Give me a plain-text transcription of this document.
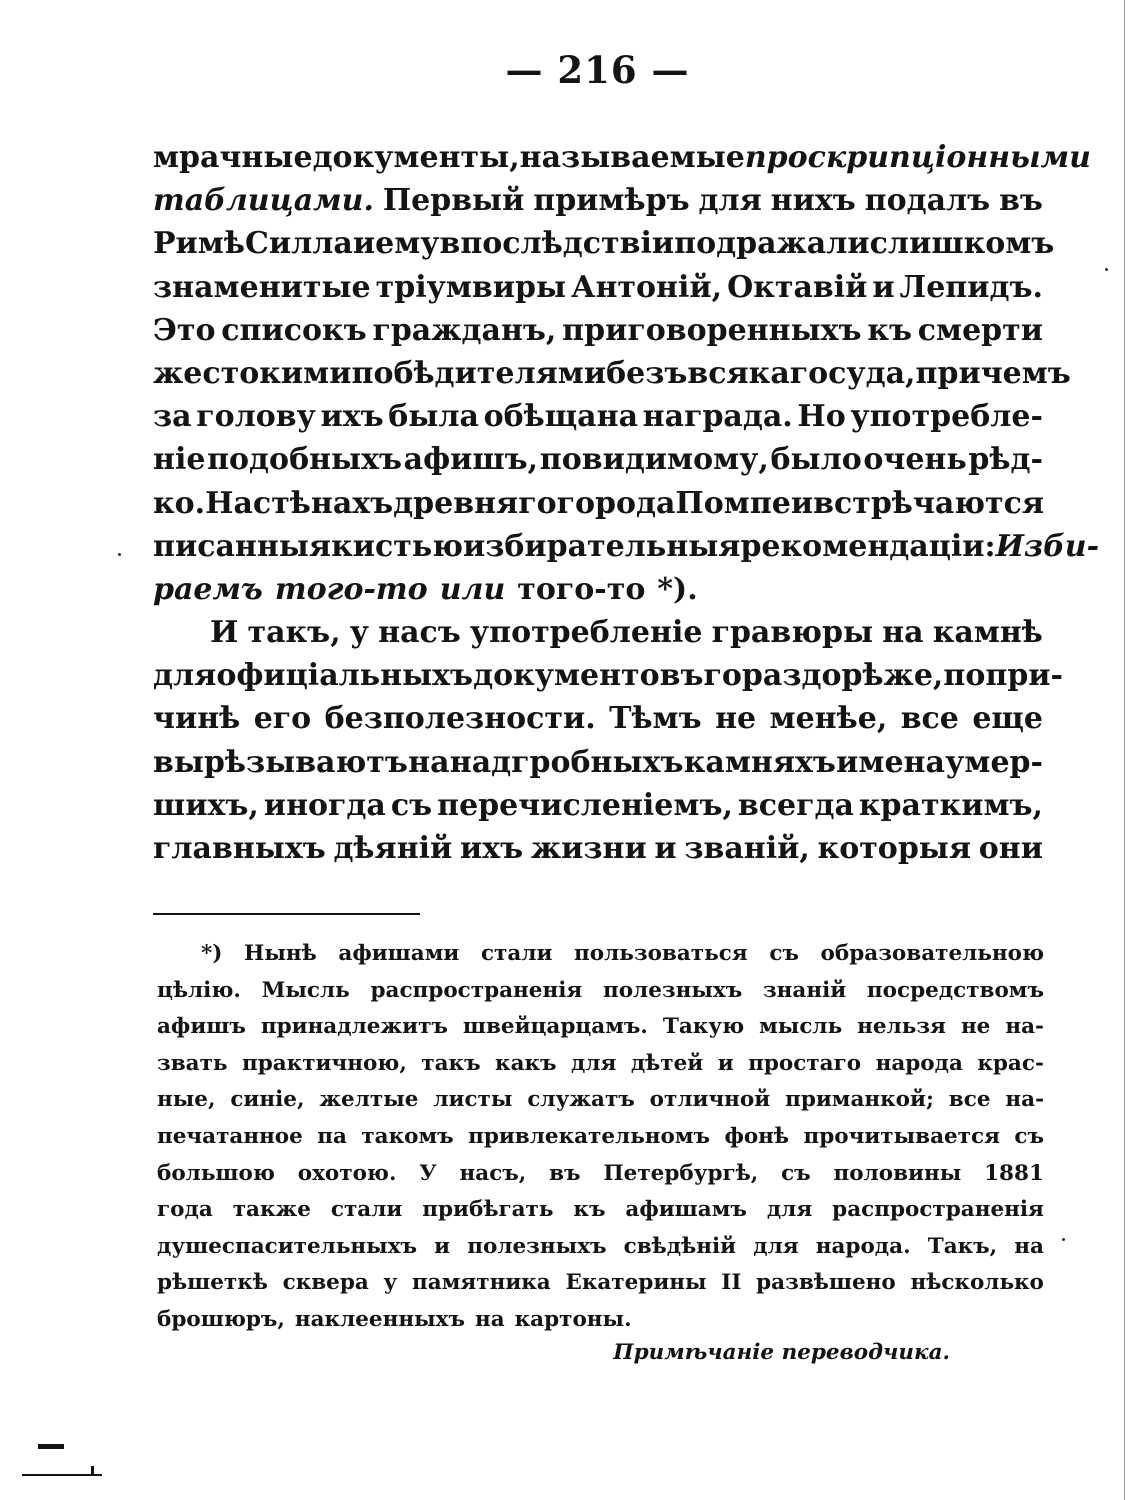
— 216 —
мрачные документы, называемые проскрипцiонными
таблицами. Первый примѣръ для нихъ подалъ въ
Римѣ Силла и ему впослѣдствiи подражали слишкомъ
знаменитые трiумвиры Антонiй, Октавiй и Лепидъ.
Это списокъ гражданъ, приговоренныхъ къ смерти
жестокими побѣдителями безъ всякаго суда, причемъ
за голову ихъ была обѣщана награда. Но употребле-
нiе подобныхъ афишъ, повидимому, было очень рѣд-
ко. На стѣнахъ древняго города Помпеи встрѣчаются
писанныя кистью избирательныя рекомендацiи: Изби-
раемъ того-то или того-то *).
И такъ, у насъ употребленiе гравюры на камнѣ
для офицiальныхъ документовъ гораздо рѣже, по при-
чинѣ его безполезности. Тѣмъ не менѣе, все еще
вырѣзываютъ на надгробныхъ камняхъ имена умер-
шихъ, иногда съ перечисленiемъ, всегда краткимъ,
главныхъ дѣянiй ихъ жизни и званiй, которыя они
*) Нынѣ афишами стали пользоваться съ образовательною
цѣлiю. Мысль распространенiя полезныхъ знанiй посредствомъ
афишъ принадлежитъ швейцарцамъ. Такую мысль нельзя не на-
звать практичною, такъ какъ для дѣтей и простаго народа крас-
ные, синiе, желтые листы служатъ отличной приманкой; все на-
печатанное па такомъ привлекательномъ фонѣ прочитывается съ
большою охотою. У насъ, въ Петербургѣ, съ половины 1881
года также стали прибѣгать къ афишамъ для распространенiя
душеспасительныхъ и полезныхъ свѣдѣнiй для народа. Такъ, на
рѣшеткѣ сквера у памятника Екатерины II развѣшено нѣсколько
брошюръ, наклеенныхъ на картоны.
Примѣчанiе переводчика.
